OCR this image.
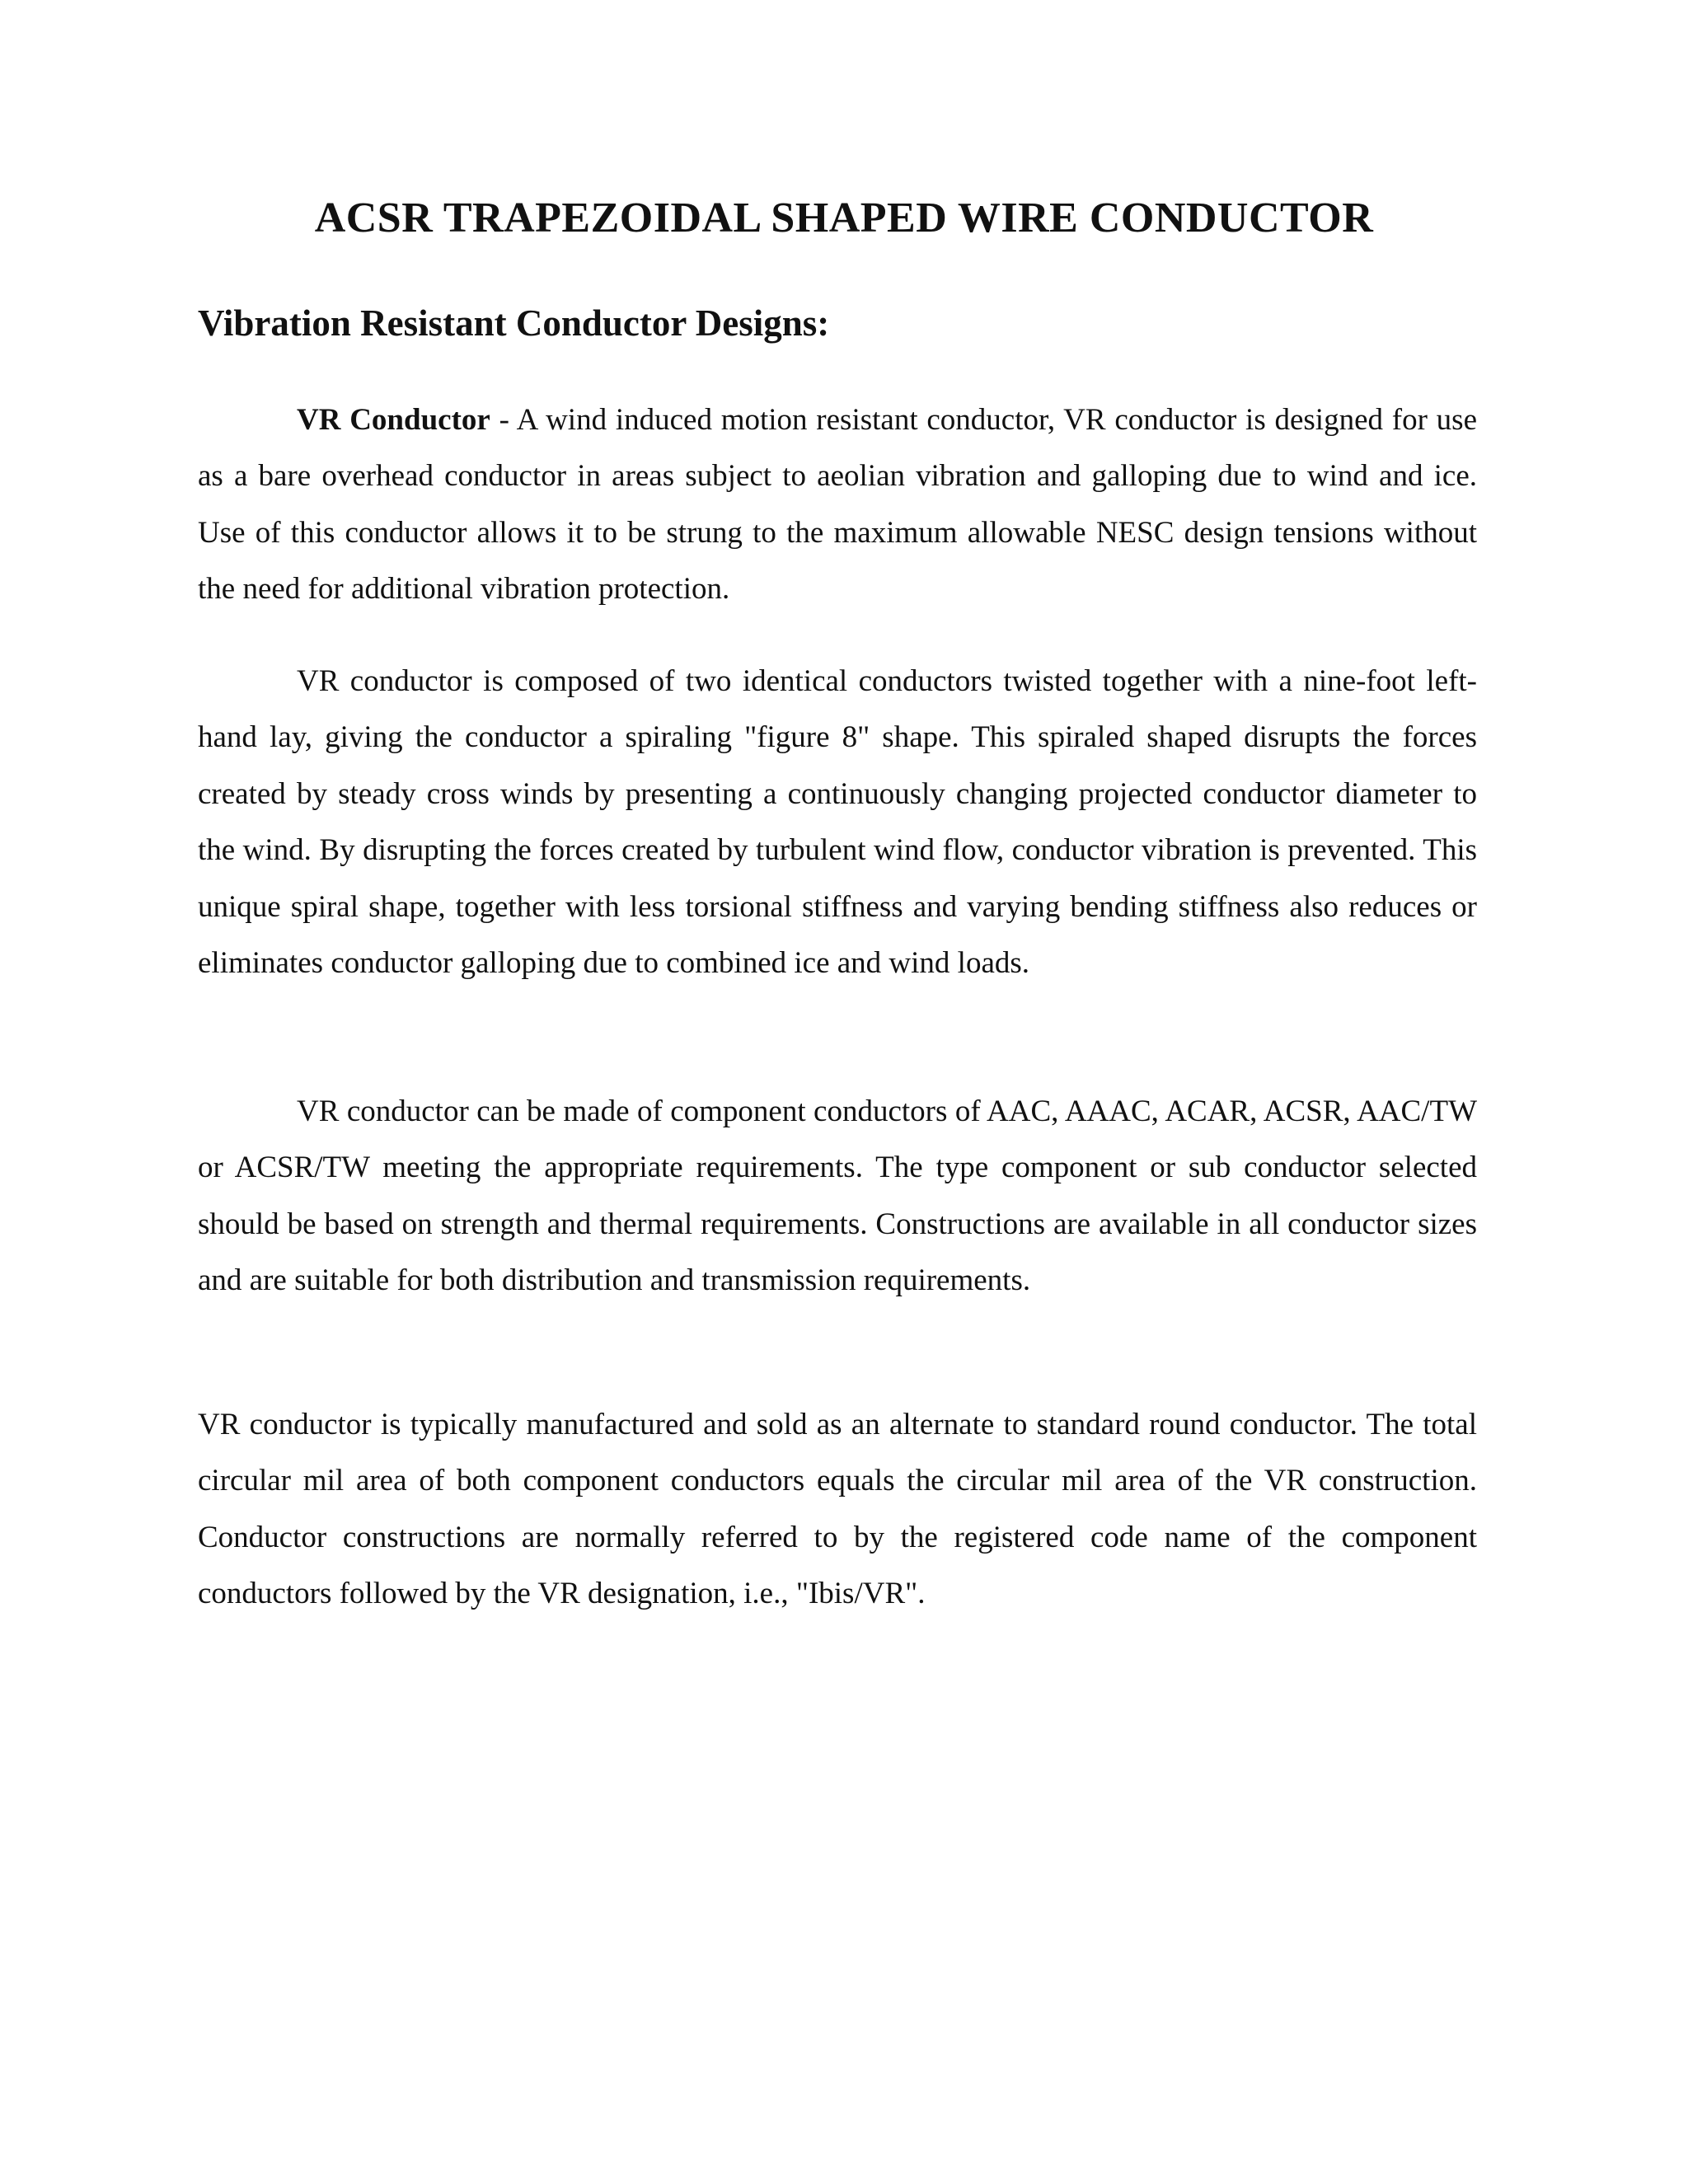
ACSR TRAPEZOIDAL SHAPED WIRE CONDUCTOR
Vibration Resistant Conductor Designs:

VR Conductor - A wind induced motion resistant conductor, VR conductor is designed for use as a bare overhead conductor in areas subject to aeolian vibration and galloping due to wind and ice. Use of this conductor allows it to be strung to the maximum allowable NESC design tensions without the need for additional vibration protection.

VR conductor is composed of two identical conductors twisted together with a nine-foot left-hand lay, giving the conductor a spiraling "figure 8" shape. This spiraled shaped disrupts the forces created by steady cross winds by presenting a continuously changing projected conductor diameter to the wind. By disrupting the forces created by turbulent wind flow, conductor vibration is prevented. This unique spiral shape, together with less torsional stiffness and varying bending stiffness also reduces or eliminates conductor galloping due to combined ice and wind loads.

VR conductor can be made of component conductors of AAC, AAAC, ACAR, ACSR, AAC/TW or ACSR/TW meeting the appropriate requirements. The type component or sub conductor selected should be based on strength and thermal requirements. Constructions are available in all conductor sizes and are suitable for both distribution and transmission requirements.

VR conductor is typically manufactured and sold as an alternate to standard round conductor. The total circular mil area of both component conductors equals the circular mil area of the VR construction. Conductor constructions are normally referred to by the registered code name of the component conductors followed by the VR designation, i.e., "Ibis/VR".
